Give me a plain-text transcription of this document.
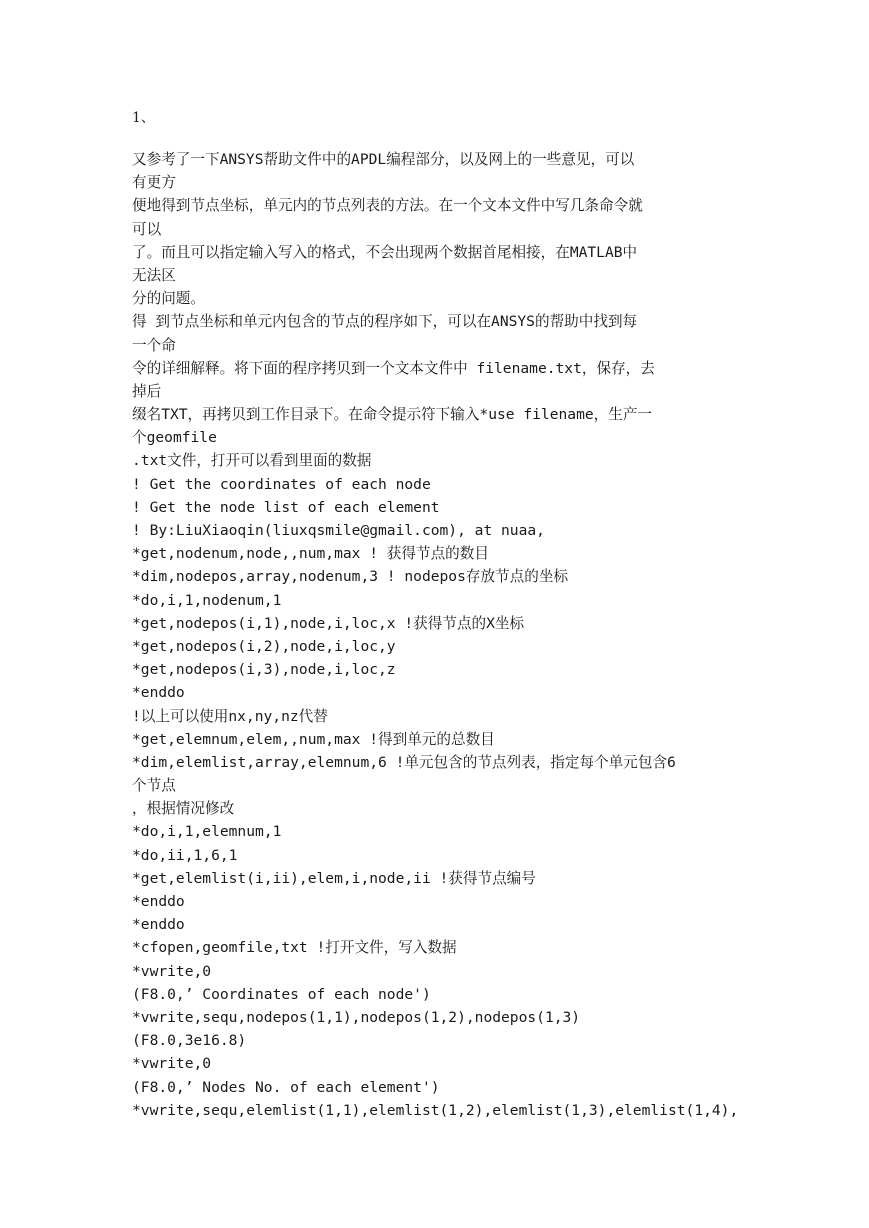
1、
又参考了一下ANSYS帮助文件中的APDL编程部分，以及网上的一些意见，可以
有更方
便地得到节点坐标，单元内的节点列表的方法。在一个文本文件中写几条命令就
可以
了。而且可以指定输入写入的格式，不会出现两个数据首尾相接，在MATLAB中
无法区
分的问题。
得 到节点坐标和单元内包含的节点的程序如下，可以在ANSYS的帮助中找到每
一个命
令的详细解释。将下面的程序拷贝到一个文本文件中 filename.txt，保存，去
掉后
缀名TXT，再拷贝到工作目录下。在命令提示符下输入*use filename，生产一
个geomfile
.txt文件，打开可以看到里面的数据
! Get the coordinates of each node
! Get the node list of each element
! By:LiuXiaoqin(liuxqsmile@gmail.com), at nuaa,
*get,nodenum,node,,num,max ! 获得节点的数目
*dim,nodepos,array,nodenum,3 ! nodepos存放节点的坐标
*do,i,1,nodenum,1
*get,nodepos(i,1),node,i,loc,x !获得节点的X坐标
*get,nodepos(i,2),node,i,loc,y
*get,nodepos(i,3),node,i,loc,z
*enddo
!以上可以使用nx,ny,nz代替
*get,elemnum,elem,,num,max !得到单元的总数目
*dim,elemlist,array,elemnum,6 !单元包含的节点列表，指定每个单元包含6
个节点
，根据情况修改
*do,i,1,elemnum,1
*do,ii,1,6,1
*get,elemlist(i,ii),elem,i,node,ii !获得节点编号
*enddo
*enddo
*cfopen,geomfile,txt !打开文件，写入数据
*vwrite,0
(F8.0,’ Coordinates of each node')
*vwrite,sequ,nodepos(1,1),nodepos(1,2),nodepos(1,3)
(F8.0,3e16.8)
*vwrite,0
(F8.0,’ Nodes No. of each element')
*vwrite,sequ,elemlist(1,1),elemlist(1,2),elemlist(1,3),elemlist(1,4),
